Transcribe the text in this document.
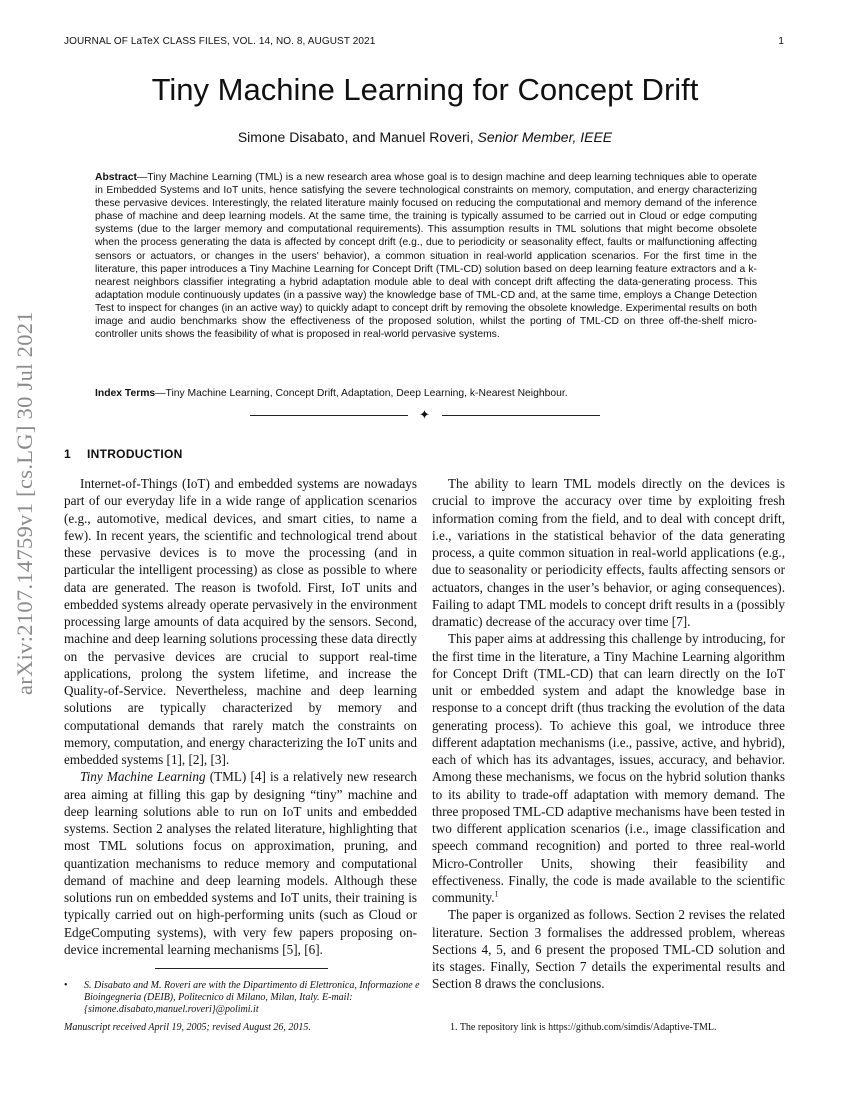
JOURNAL OF LaTeX CLASS FILES, VOL. 14, NO. 8, AUGUST 2021	1
arXiv:2107.14759v1 [cs.LG] 30 Jul 2021
Tiny Machine Learning for Concept Drift
Simone Disabato, and Manuel Roveri, Senior Member, IEEE

Abstract—Tiny Machine Learning (TML) is a new research area whose goal is to design machine and deep learning techniques able to operate in Embedded Systems and IoT units, hence satisfying the severe technological constraints on memory, computation, and energy characterizing these pervasive devices. Interestingly, the related literature mainly focused on reducing the computational and memory demand of the inference phase of machine and deep learning models. At the same time, the training is typically assumed to be carried out in Cloud or edge computing systems (due to the larger memory and computational requirements). This assumption results in TML solutions that might become obsolete when the process generating the data is affected by concept drift (e.g., due to periodicity or seasonality effect, faults or malfunctioning affecting sensors or actuators, or changes in the users' behavior), a common situation in real-world application scenarios. For the first time in the literature, this paper introduces a Tiny Machine Learning for Concept Drift (TML-CD) solution based on deep learning feature extractors and a k-nearest neighbors classifier integrating a hybrid adaptation module able to deal with concept drift affecting the data-generating process. This adaptation module continuously updates (in a passive way) the knowledge base of TML-CD and, at the same time, employs a Change Detection Test to inspect for changes (in an active way) to quickly adapt to concept drift by removing the obsolete knowledge. Experimental results on both image and audio benchmarks show the effectiveness of the proposed solution, whilst the porting of TML-CD on three off-the-shelf micro-controller units shows the feasibility of what is proposed in real-world pervasive systems.

Index Terms—Tiny Machine Learning, Concept Drift, Adaptation, Deep Learning, k-Nearest Neighbour.

✦
1 INTRODUCTION

Internet-of-Things (IoT) and embedded systems are nowadays part of our everyday life in a wide range of application scenarios (e.g., automotive, medical devices, and smart cities, to name a few). In recent years, the scientific and technological trend about these pervasive devices is to move the processing (and in particular the intelligent processing) as close as possible to where data are generated. The reason is twofold. First, IoT units and embedded systems already operate pervasively in the environment processing large amounts of data acquired by the sensors. Second, machine and deep learning solutions processing these data directly on the pervasive devices are crucial to support real-time applications, prolong the system lifetime, and increase the Quality-of-Service. Nevertheless, machine and deep learning solutions are typically characterized by memory and computational demands that rarely match the constraints on memory, computation, and energy characterizing the IoT units and embedded systems [1], [2], [3].

Tiny Machine Learning (TML) [4] is a relatively new research area aiming at filling this gap by designing “tiny” machine and deep learning solutions able to run on IoT units and embedded systems. Section 2 analyses the related literature, highlighting that most TML solutions focus on approximation, pruning, and quantization mechanisms to reduce memory and computational demand of machine and deep learning models. Although these solutions run on embedded systems and IoT units, their training is typically carried out on high-performing units (such as Cloud or EdgeComputing systems), with very few papers proposing on-device incremental learning mechanisms [5], [6].

The ability to learn TML models directly on the devices is crucial to improve the accuracy over time by exploiting fresh information coming from the field, and to deal with concept drift, i.e., variations in the statistical behavior of the data generating process, a quite common situation in real-world applications (e.g., due to seasonality or periodicity effects, faults affecting sensors or actuators, changes in the user’s behavior, or aging consequences). Failing to adapt TML models to concept drift results in a (possibly dramatic) decrease of the accuracy over time [7].

This paper aims at addressing this challenge by introducing, for the first time in the literature, a Tiny Machine Learning algorithm for Concept Drift (TML-CD) that can learn directly on the IoT unit or embedded system and adapt the knowledge base in response to a concept drift (thus tracking the evolution of the data generating process). To achieve this goal, we introduce three different adaptation mechanisms (i.e., passive, active, and hybrid), each of which has its advantages, issues, accuracy, and behavior. Among these mechanisms, we focus on the hybrid solution thanks to its ability to trade-off adaptation with memory demand. The three proposed TML-CD adaptive mechanisms have been tested in two different application scenarios (i.e., image classification and speech command recognition) and ported to three real-world Micro-Controller Units, showing their feasibility and effectiveness. Finally, the code is made available to the scientific community.$^1$

The paper is organized as follows. Section 2 revises the related literature. Section 3 formalises the addressed problem, whereas Sections 4, 5, and 6 present the proposed TML-CD solution and its stages. Finally, Section 7 details the experimental results and Section 8 draws the conclusions.

• S. Disabato and M. Roveri are with the Dipartimento di Elettronica, Informazione e Bioingegneria (DEIB), Politecnico di Milano, Milan, Italy. E-mail: {simone.disabato,manuel.roveri}@polimi.it
Manuscript received April 19, 2005; revised August 26, 2015.	1. The repository link is https://github.com/simdis/Adaptive-TML.
